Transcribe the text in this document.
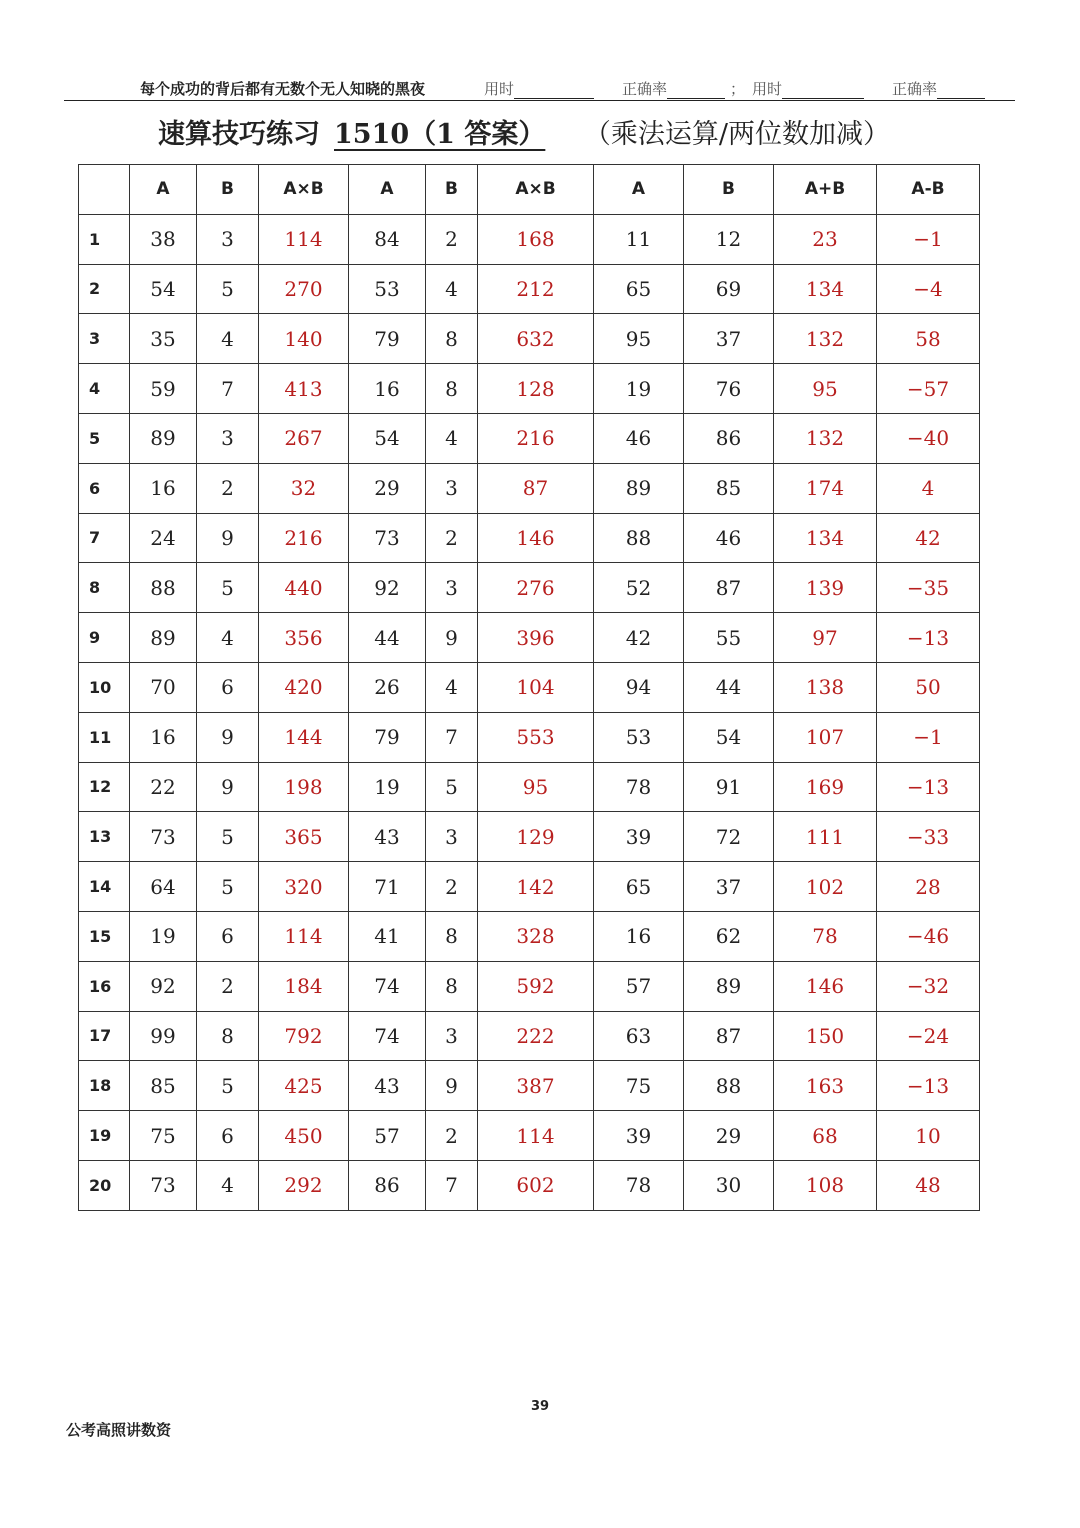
每个成功的背后都有无数个无人知晓的黑夜	用时	正确率	； 用时	正确率
速算技巧练习 1510（1 答案） （乘法运算/两位数加减）
	A	B	A×B	A	B	A×B	A	B	A+B	A-B
1	38	3	114	84	2	168	11	12	23	−1
2	54	5	270	53	4	212	65	69	134	−4
3	35	4	140	79	8	632	95	37	132	58
4	59	7	413	16	8	128	19	76	95	−57
5	89	3	267	54	4	216	46	86	132	−40
6	16	2	32	29	3	87	89	85	174	4
7	24	9	216	73	2	146	88	46	134	42
8	88	5	440	92	3	276	52	87	139	−35
9	89	4	356	44	9	396	42	55	97	−13
10	70	6	420	26	4	104	94	44	138	50
11	16	9	144	79	7	553	53	54	107	−1
12	22	9	198	19	5	95	78	91	169	−13
13	73	5	365	43	3	129	39	72	111	−33
14	64	5	320	71	2	142	65	37	102	28
15	19	6	114	41	8	328	16	62	78	−46
16	92	2	184	74	8	592	57	89	146	−32
17	99	8	792	74	3	222	63	87	150	−24
18	85	5	425	43	9	387	75	88	163	−13
19	75	6	450	57	2	114	39	29	68	10
20	73	4	292	86	7	602	78	30	108	48
39
公考高照讲数资
